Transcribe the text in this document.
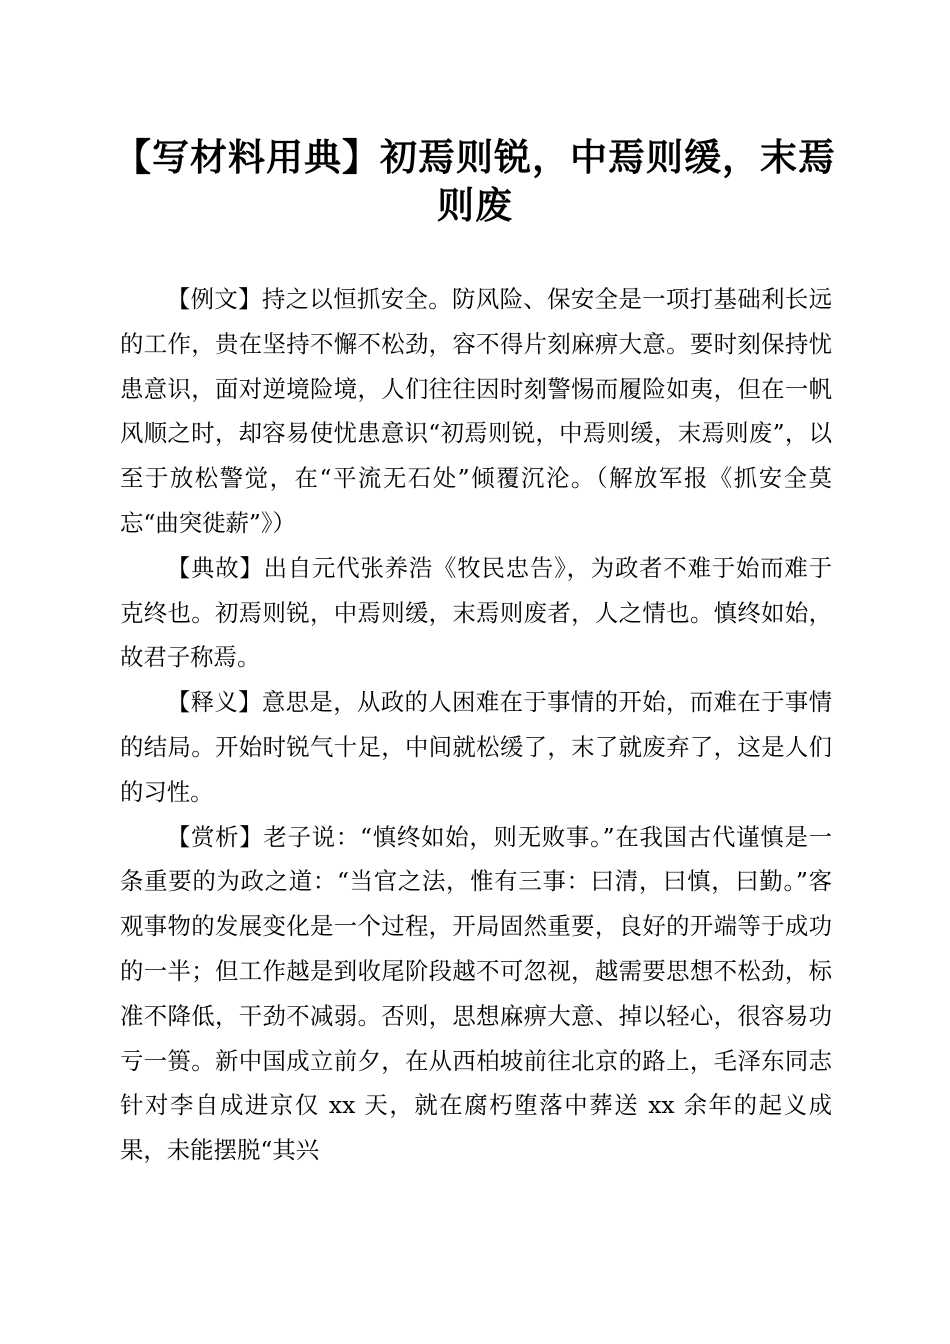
【写材料用典】初焉则锐，中焉则缓，末焉则废

【例文】持之以恒抓安全。防风险、保安全是一项打基础利长远的工作，贵在坚持不懈不松劲，容不得片刻麻痹大意。要时刻保持忧患意识，面对逆境险境，人们往往因时刻警惕而履险如夷，但在一帆风顺之时，却容易使忧患意识“初焉则锐，中焉则缓，末焉则废”，以至于放松警觉，在“平流无石处”倾覆沉沦。（解放军报《抓安全莫忘“曲突徙薪”》）

【典故】出自元代张养浩《牧民忠告》，为政者不难于始而难于克终也。初焉则锐，中焉则缓，末焉则废者，人之情也。慎终如始，故君子称焉。

【释义】意思是，从政的人困难在于事情的开始，而难在于事情的结局。开始时锐气十足，中间就松缓了，末了就废弃了，这是人们的习性。

【赏析】老子说：“慎终如始，则无败事。”在我国古代谨慎是一条重要的为政之道：“当官之法，惟有三事：曰清，曰慎，曰勤。”客观事物的发展变化是一个过程，开局固然重要，良好的开端等于成功的一半；但工作越是到收尾阶段越不可忽视，越需要思想不松劲，标准不降低，干劲不减弱。否则，思想麻痹大意、掉以轻心，很容易功亏一篑。新中国成立前夕，在从西柏坡前往北京的路上，毛泽东同志针对李自成进京仅 xx 天，就在腐朽堕落中葬送 xx 余年的起义成果，未能摆脱“其兴
